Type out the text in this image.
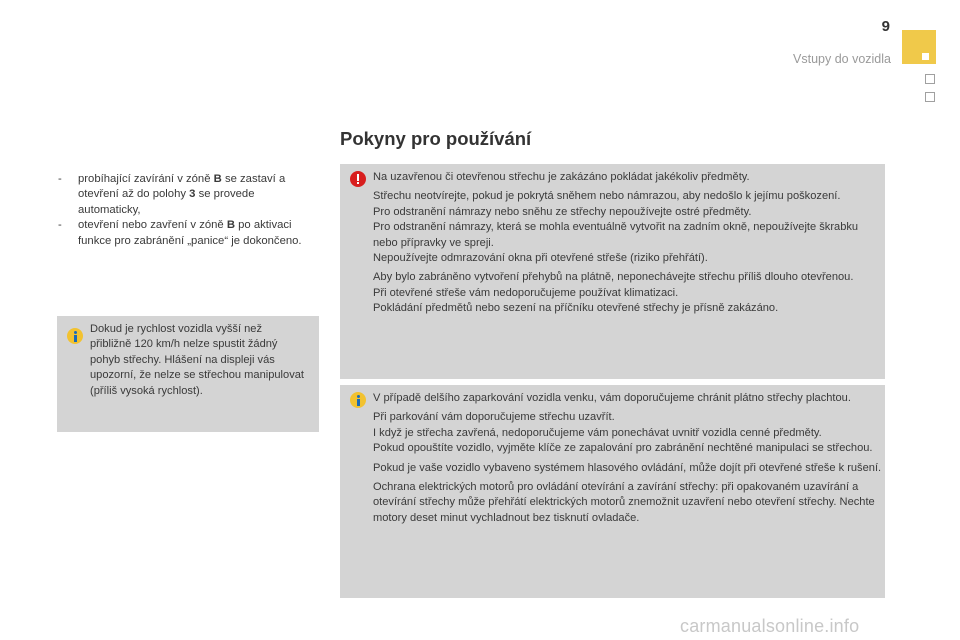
9
Vstupy do vozidla
Pokyny pro používání
- probíhající zavírání v zóně B se zastaví a otevření až do polohy 3 se provede automaticky,
- otevření nebo zavření v zóně B po aktivaci funkce pro zabránění „panice“ je dokončeno.

Dokud je rychlost vozidla vyšší než přibližně 120 km/h nelze spustit žádný pohyb střechy. Hlášení na displeji vás upozorní, že nelze se střechou manipulovat (příliš vysoká rychlost).

Na uzavřenou či otevřenou střechu je zakázáno pokládat jakékoliv předměty.

Střechu neotvírejte, pokud je pokrytá sněhem nebo námrazou, aby nedošlo k jejímu poškození.
Pro odstranění námrazy nebo sněhu ze střechy nepoužívejte ostré předměty.
Pro odstranění námrazy, která se mohla eventuálně vytvořit na zadním okně, nepoužívejte škrabku nebo přípravky ve spreji.
Nepoužívejte odmrazování okna při otevřené střeše (riziko přehřátí).

Aby bylo zabráněno vytvoření přehybů na plátně, neponechávejte střechu příliš dlouho otevřenou.
Při otevřené střeše vám nedoporučujeme používat klimatizaci.
Pokládání předmětů nebo sezení na příčníku otevřené střechy je přísně zakázáno.

V případě delšího zaparkování vozidla venku, vám doporučujeme chránit plátno střechy plachtou.

Při parkování vám doporučujeme střechu uzavřít.
I když je střecha zavřená, nedoporučujeme vám ponechávat uvnitř vozidla cenné předměty.
Pokud opouštíte vozidlo, vyjměte klíče ze zapalování pro zabránění nechtěné manipulaci se střechou.

Pokud je vaše vozidlo vybaveno systémem hlasového ovládání, může dojít při otevřené střeše k rušení.

Ochrana elektrických motorů pro ovládání otevírání a zavírání střechy: při opakovaném uzavírání a otevírání střechy může přehřátí elektrických motorů znemožnit uzavření nebo otevření střechy. Nechte motory deset minut vychladnout bez tisknutí ovladače.

carmanualsonline.info
